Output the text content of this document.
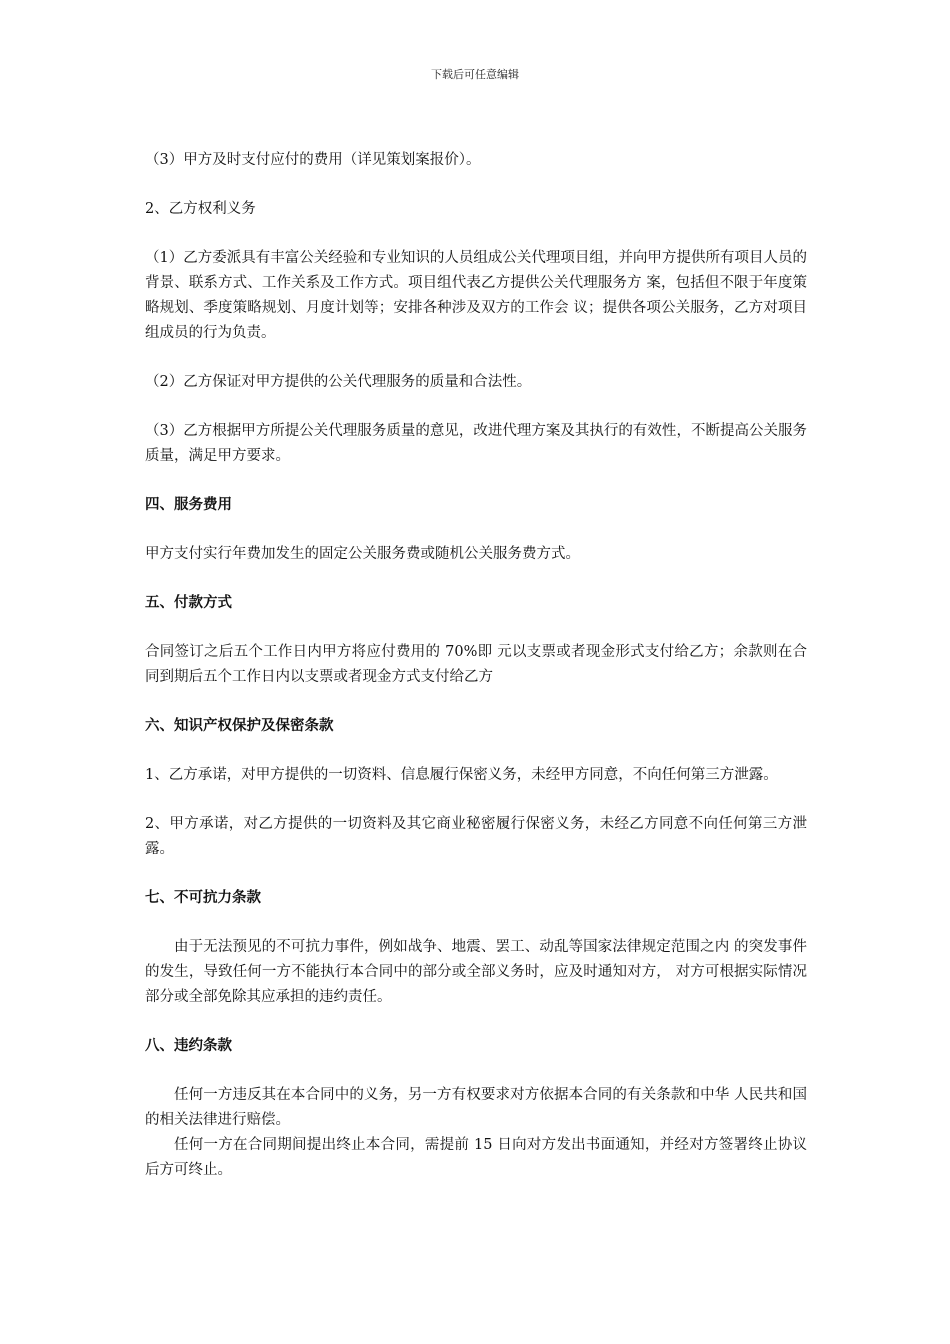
下载后可任意编辑

（3）甲方及时支付应付的费用（详见策划案报价）。

2、乙方权利义务

（1）乙方委派具有丰富公关经验和专业知识的人员组成公关代理项目组，并向甲方提供所有项目人员的背景、联系方式、工作关系及工作方式。项目组代表乙方提供公关代理服务方 案，包括但不限于年度策略规划、季度策略规划、月度计划等；安排各种涉及双方的工作会 议；提供各项公关服务，乙方对项目组成员的行为负责。

（2）乙方保证对甲方提供的公关代理服务的质量和合法性。

（3）乙方根据甲方所提公关代理服务质量的意见，改进代理方案及其执行的有效性，不断提高公关服务质量，满足甲方要求。

四、服务费用

甲方支付实行年费加发生的固定公关服务费或随机公关服务费方式。

五、付款方式

合同签订之后五个工作日内甲方将应付费用的 70%即 元以支票或者现金形式支付给乙方；余款则在合同到期后五个工作日内以支票或者现金方式支付给乙方

六、知识产权保护及保密条款

1、乙方承诺，对甲方提供的一切资料、信息履行保密义务，未经甲方同意，不向任何第三方泄露。

2、甲方承诺，对乙方提供的一切资料及其它商业秘密履行保密义务，未经乙方同意不向任何第三方泄露。

七、不可抗力条款

由于无法预见的不可抗力事件，例如战争、地震、罢工、动乱等国家法律规定范围之内 的突发事件的发生，导致任何一方不能执行本合同中的部分或全部义务时，应及时通知对方， 对方可根据实际情况部分或全部免除其应承担的违约责任。

八、违约条款

任何一方违反其在本合同中的义务，另一方有权要求对方依据本合同的有关条款和中华 人民共和国的相关法律进行赔偿。

任何一方在合同期间提出终止本合同，需提前 15 日向对方发出书面通知，并经对方签署终止协议后方可终止。
